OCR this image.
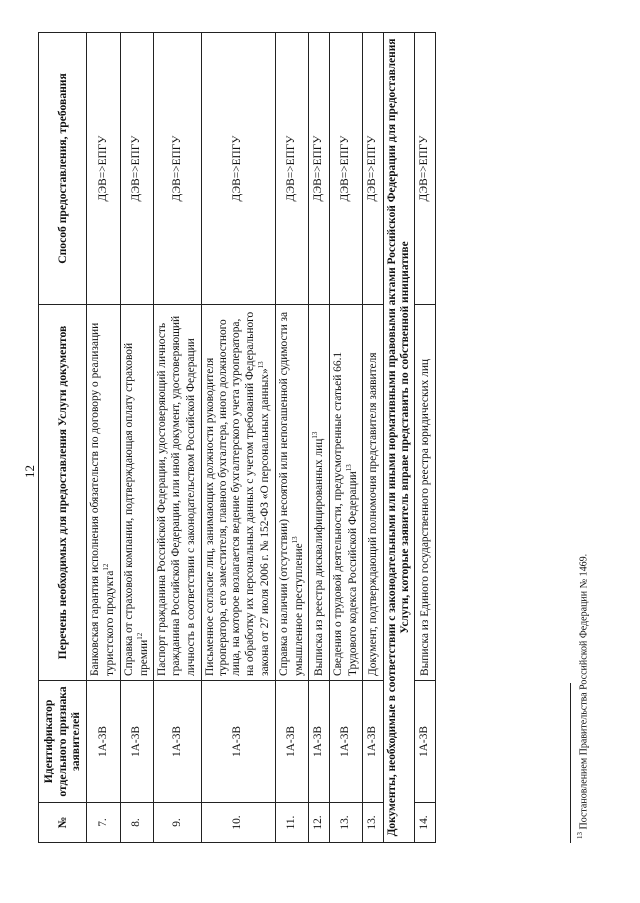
12
№	Идентификатор отдельного признака заявителей	Перечень необходимых для предоставления Услуги документов	Способ предоставления, требования
7.	1А-3В	Банковская гарантия исполнения обязательств по договору о реализации туристского продукта$^{12}$	ДЭВ=>ЕПГУ
8.	1А-3В	Справка от страховой компании, подтверждающая оплату страховой премии$^{12}$	ДЭВ=>ЕПГУ
9.	1А-3В	Паспорт гражданина Российской Федерации, удостоверяющий личность гражданина Российской Федерации, или иной документ, удостоверяющий личность в соответствии с законодательством Российской Федерации	ДЭВ=>ЕПГУ
10.	1А-3В	Письменное согласие лиц, занимающих должности руководителя туроператора, его заместителя, главного бухгалтера, иного должностного лица, на которое возлагается ведение бухгалтерского учета туроператора, на обработку их персональных данных с учетом требований Федерального закона от 27 июля 2006 г. № 152-ФЗ «О персональных данных»$^{13}$	ДЭВ=>ЕПГУ
11.	1А-3В	Справка о наличии (отсутствии) несоятой или непогашенной судимости за умышленное преступление$^{13}$	ДЭВ=>ЕПГУ
12.	1А-3В	Выписка из реестра дисквалифицированных лиц$^{13}$	ДЭВ=>ЕПГУ
13.	1А-3В	Сведения о трудовой деятельности, предусмотренные статьей 66.1 Трудового кодекса Российской Федерации$^{13}$	ДЭВ=>ЕПГУ
13.	1А-3В	Документ, подтверждающий полномочия представителя заявителя	ДЭВ=>ЕПГУ
Документы, необходимые в соответствии с законодательными или иными нормативными правовыми актами Российской Федерации для предоставления Услуги, которые заявитель вправе представить по собственной инициативе			
14.	1А-3В	Выписка из Единого государственного реестра юридических лиц	ДЭВ=>ЕПГУ
$^{13}$ Постановлением Правительства Российской Федерации № 1469.
